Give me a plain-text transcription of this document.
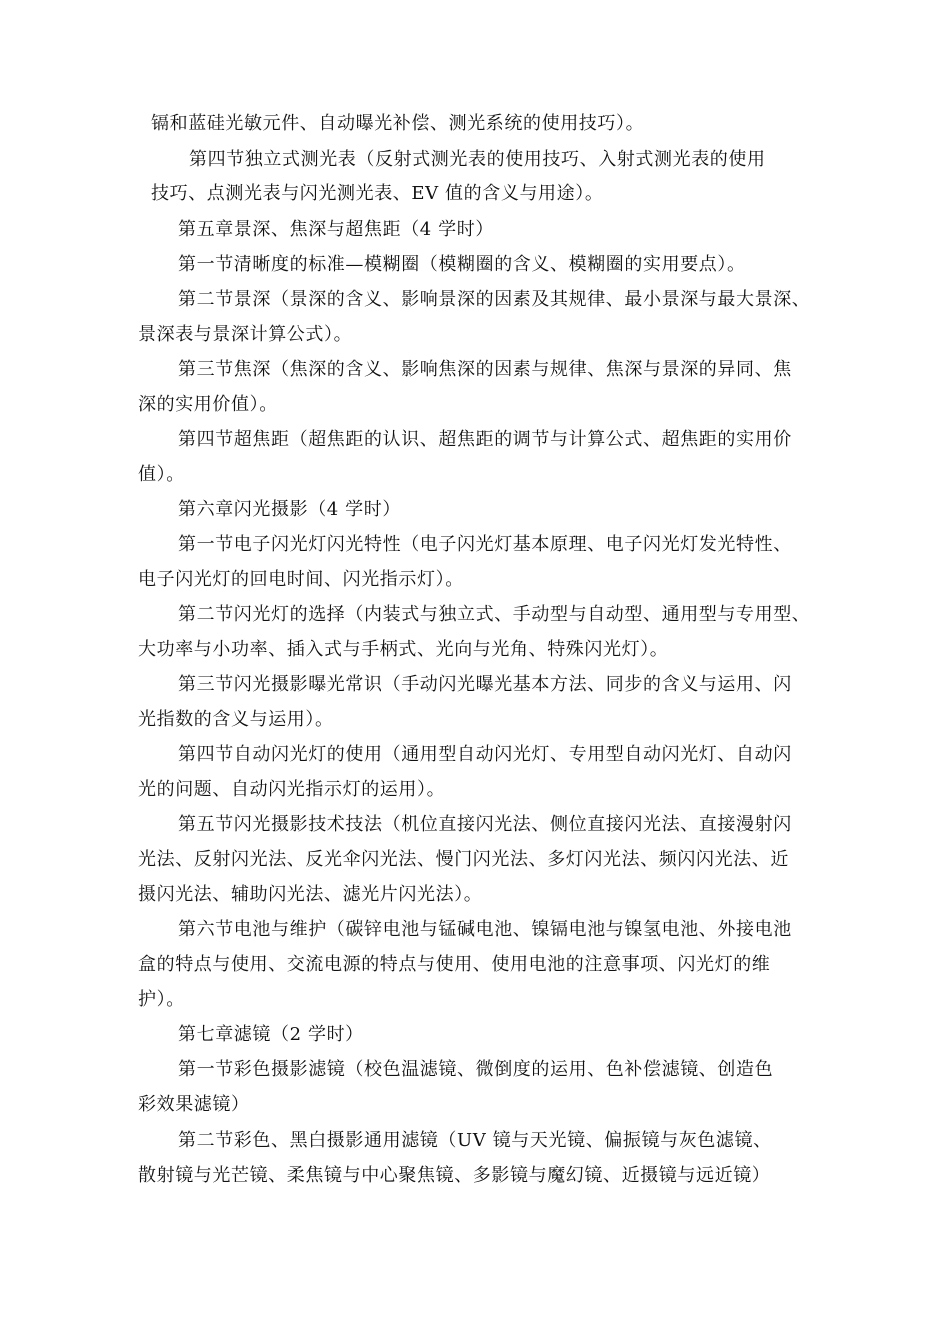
镉和蓝硅光敏元件、自动曝光补偿、测光系统的使用技巧）。
第四节独立式测光表（反射式测光表的使用技巧、入射式测光表的使用
技巧、点测光表与闪光测光表、EV 值的含义与用途）。
第五章景深、焦深与超焦距（4 学时）
第一节清晰度的标准—模糊圈（模糊圈的含义、模糊圈的实用要点）。
第二节景深（景深的含义、影响景深的因素及其规律、最小景深与最大景深、
景深表与景深计算公式）。
第三节焦深（焦深的含义、影响焦深的因素与规律、焦深与景深的异同、焦
深的实用价值）。
第四节超焦距（超焦距的认识、超焦距的调节与计算公式、超焦距的实用价
值）。
第六章闪光摄影（4 学时）
第一节电子闪光灯闪光特性（电子闪光灯基本原理、电子闪光灯发光特性、
电子闪光灯的回电时间、闪光指示灯）。
第二节闪光灯的选择（内装式与独立式、手动型与自动型、通用型与专用型、
大功率与小功率、插入式与手柄式、光向与光角、特殊闪光灯）。
第三节闪光摄影曝光常识（手动闪光曝光基本方法、同步的含义与运用、闪
光指数的含义与运用）。
第四节自动闪光灯的使用（通用型自动闪光灯、专用型自动闪光灯、自动闪
光的问题、自动闪光指示灯的运用）。
第五节闪光摄影技术技法（机位直接闪光法、侧位直接闪光法、直接漫射闪
光法、反射闪光法、反光伞闪光法、慢门闪光法、多灯闪光法、频闪闪光法、近
摄闪光法、辅助闪光法、滤光片闪光法）。
第六节电池与维护（碳锌电池与锰碱电池、镍镉电池与镍氢电池、外接电池
盒的特点与使用、交流电源的特点与使用、使用电池的注意事项、闪光灯的维
护）。
第七章滤镜（2 学时）
第一节彩色摄影滤镜（校色温滤镜、微倒度的运用、色补偿滤镜、创造色
彩效果滤镜）
第二节彩色、黑白摄影通用滤镜（UV 镜与天光镜、偏振镜与灰色滤镜、
散射镜与光芒镜、柔焦镜与中心聚焦镜、多影镜与魔幻镜、近摄镜与远近镜）
